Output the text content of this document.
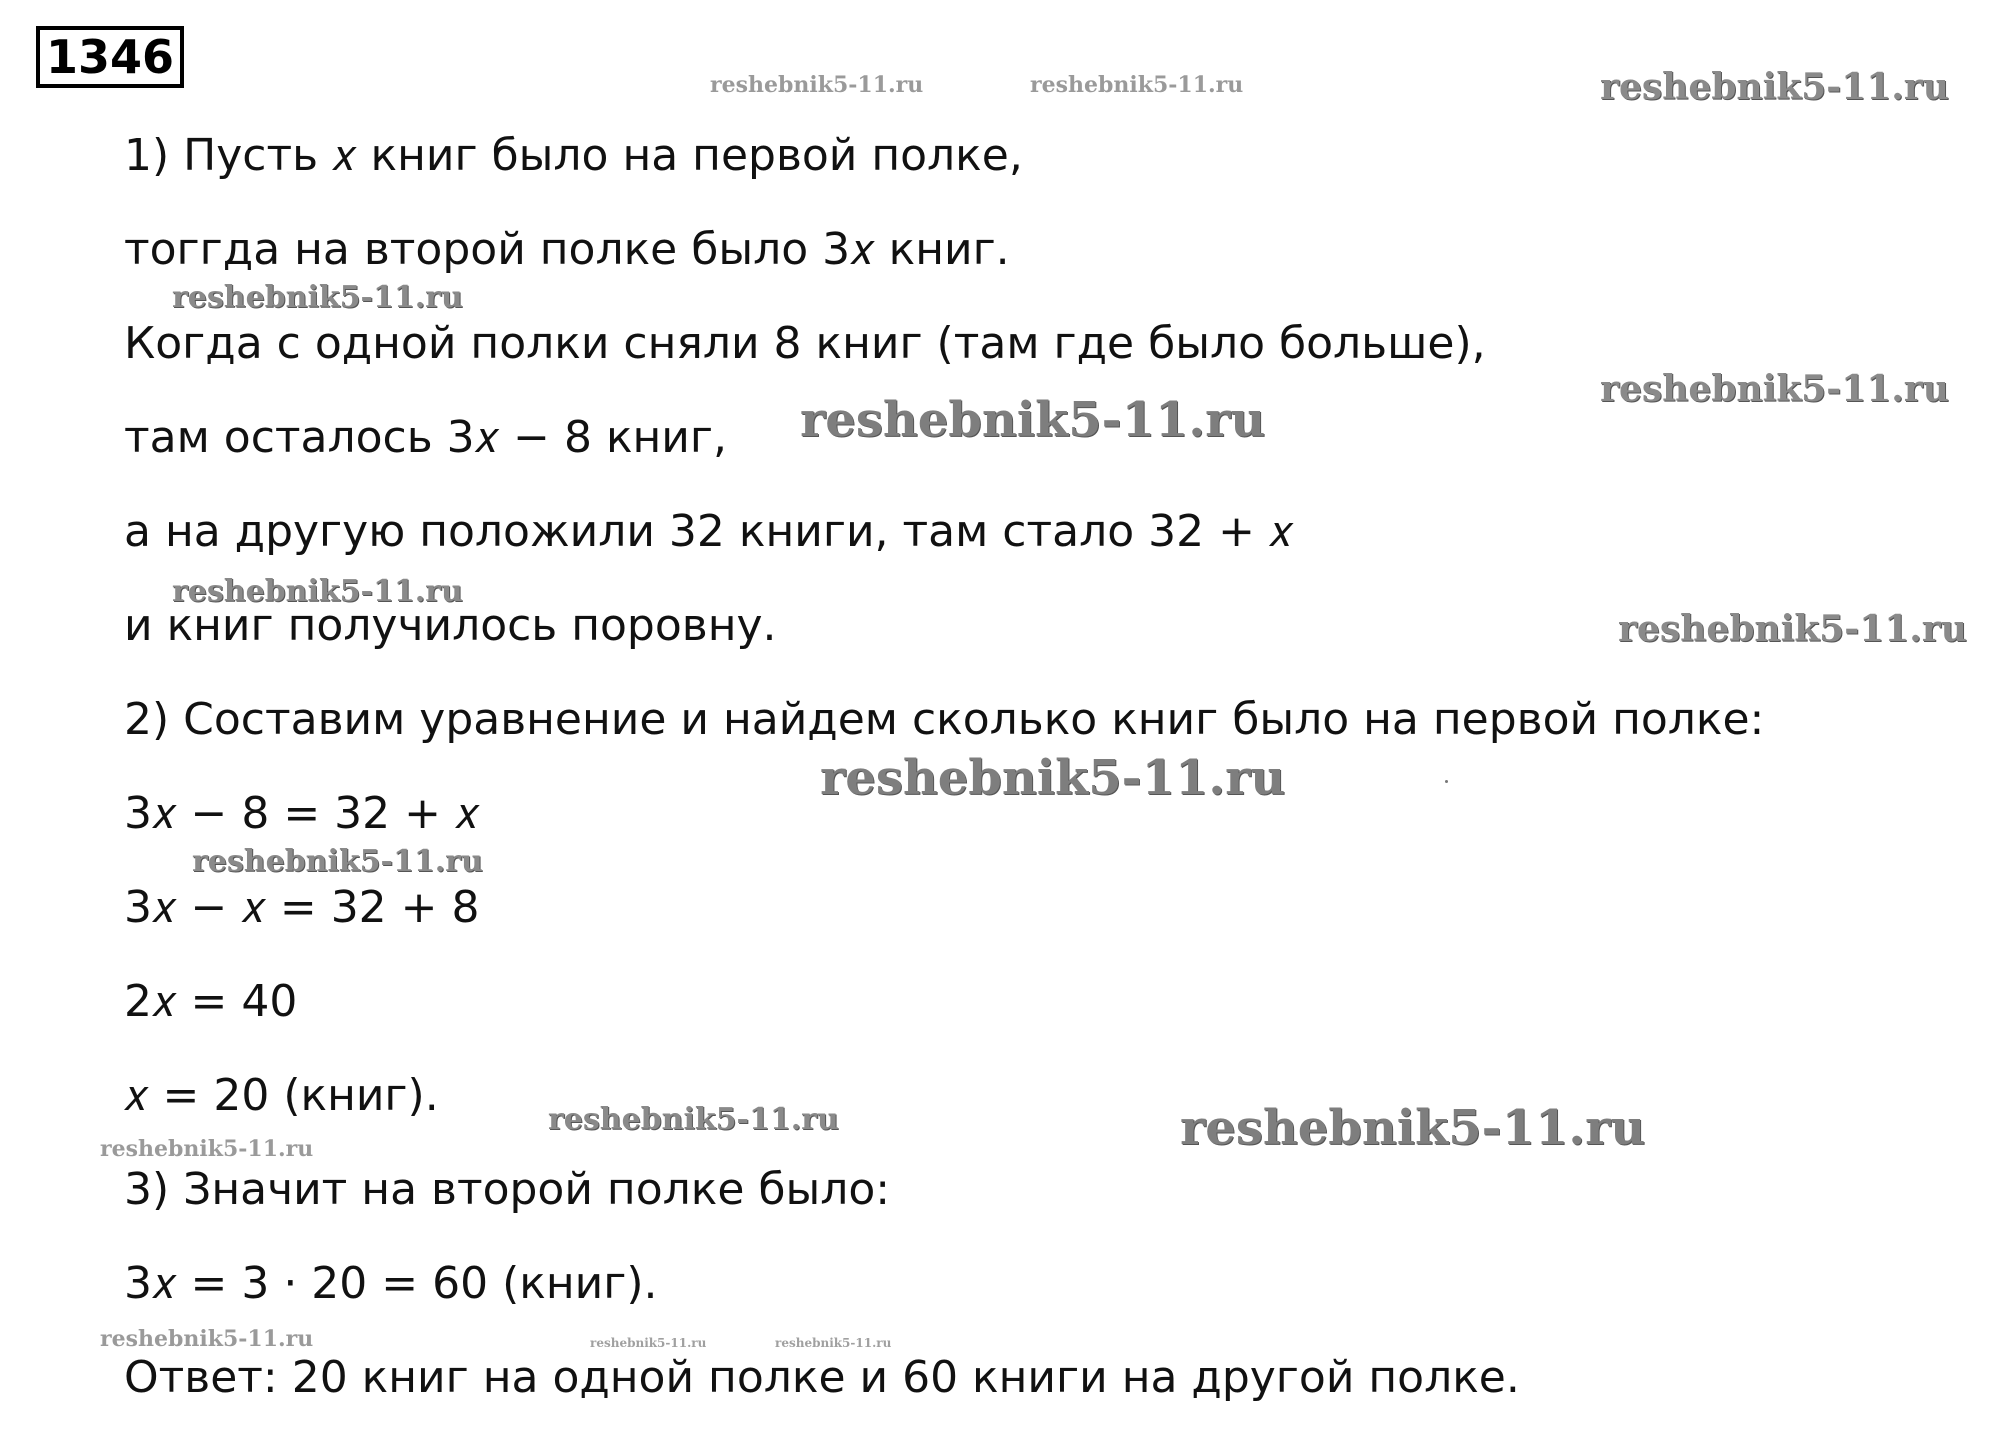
1346
1) Пусть 𝑥 книг было на первой полке,
тоггда на второй полке было 3𝑥 книг.
Когда с одной полки сняли 8 книг (там где было больше),
там осталось 3𝑥 − 8 книг,
а на другую положили 32 книги, там стало 32 + 𝑥
и книг получилось поровну.
2) Составим уравнение и найдем сколько книг было на первой полке:
3𝑥 − 8 = 32 + 𝑥
3𝑥 − 𝑥 = 32 + 8
2𝑥 = 40
𝑥 = 20 (книг).
3) Значит на второй полке было:
3𝑥 = 3 · 20 = 60 (книг).
Ответ: 20 книг на одной полке и 60 книги на другой полке.
reshebnik5-11.ru	reshebnik5-11.ru	reshebnik5-11.ru
reshebnik5-11.ru
reshebnik5-11.ru
reshebnik5-11.ru
reshebnik5-11.ru
reshebnik5-11.ru
reshebnik5-11.ru
reshebnik5-11.ru
reshebnik5-11.ru	reshebnik5-11.ru
reshebnik5-11.ru
reshebnik5-11.ru	reshebnik5-11.ru	reshebnik5-11.ru
